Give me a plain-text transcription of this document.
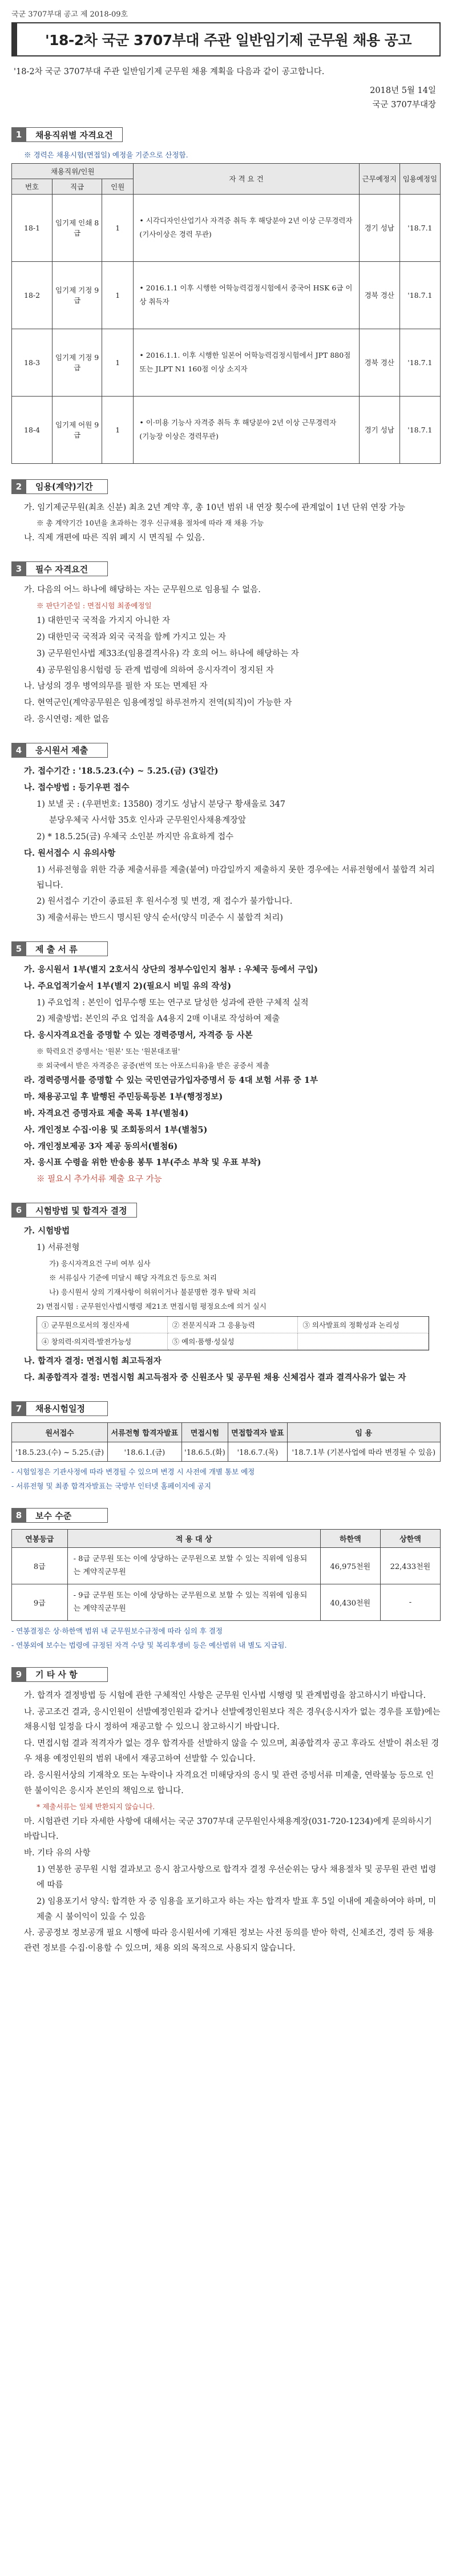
국군 3707부대 공고 제 2018-09호
'18-2차 국군 3707부대 주관 일반임기제 군무원 채용 공고
'18-2차 국군 3707부대 주관 일반임기제 군무원 채용 계획을 다음과 같이 공고합니다.
2018년 5월 14일
국군 3707부대장
1	채용직위별 자격요건
※ 경력은 채용시험(면접일) 예정을 기준으로 산정함.
채용직위/인원			자 격 요 건	근무예정지	임용예정일
번호	직급	인원			
18-1	임기제 인쇄 8급	1	• 시각디자인산업기사 자격증 취득 후 해당분야 2년 이상 근무경력자
(기사이상은 경력 무관)	경기 성남	'18.7.1
18-2	임기제 기정 9급	1	• 2016.1.1 이후 시행한 어학능력검정시험에서 중국어 HSK 6급 이상 취득자	경북 경산	'18.7.1
18-3	임기제 기정 9급	1	• 2016.1.1. 이후 시행한 일본어 어학능력검정시험에서 JPT 880점 또는 JLPT N1 160점 이상 소지자	경북 경산	'18.7.1
18-4	임기제 어원 9급	1	• 이·미용 기능사 자격증 취득 후 해당분야 2년 이상 근무경력자
(기능장 이상은 경력무관)	경기 성남	'18.7.1
2	임용(계약)기간
가. 임기제군무원(최초 신분) 최초 2년 계약 후, 총 10년 범위 내 연장 횟수에 관계없이 1년 단위 연장 가능
※ 총 계약기간 10년을 초과하는 경우 신규채용 절차에 따라 재 채용 가능
나. 직제 개편에 따른 직위 폐지 시 면직될 수 있음.
3	필수 자격요건
가. 다음의 어느 하나에 해당하는 자는 군무원으로 임용될 수 없음.
※ 판단기준일 : 면접시험 최종예정일
1) 대한민국 국적을 가지지 아니한 자
2) 대한민국 국적과 외국 국적을 함께 가지고 있는 자
3) 군무원인사법 제33조(임용결격사유) 각 호의 어느 하나에 해당하는 자
4) 공무원임용시험령 등 관계 법령에 의하여 응시자격이 정지된 자
나. 남성의 경우 병역의무를 필한 자 또는 면제된 자
다. 현역군인(계약공무원은 임용예정일 하루전까지 전역(퇴직)이 가능한 자
라. 응시연령: 제한 없음
4	응시원서 제출
가. 접수기간 : '18.5.23.(수) ~ 5.25.(금) (3일간)
나. 접수방법 : 등기우편 접수
1) 보낼 곳 : (우편번호: 13580) 경기도 성남시 분당구 황새울로 347
분당우체국 사서함 35호 인사과 군무원인사채용계장앞
2) * 18.5.25(금) 우체국 소인분 까지만 유효하게 접수
다. 원서접수 시 유의사항
1) 서류전형을 위한 각종 제출서류를 제출(붙여) 마감일까지 제출하지 못한 경우에는 서류전형에서 불합격 처리됩니다.
2) 원서접수 기간이 종료된 후 원서수정 및 변경, 재 접수가 불가합니다.
3) 제출서류는 반드시 명시된 양식 순서(양식 미준수 시 불합격 처리)
5	제 출 서 류
가. 응시원서 1부(별지 2호서식 상단의 정부수입인지 첨부 : 우체국 등에서 구입)
나. 주요업적기술서 1부(별지 2)(필요시 비밀 유의 작성)
1) 주요업적 : 본인이 업무수행 또는 연구로 달성한 성과에 관한 구체적 실적
2) 제출방법: 본인의 주요 업적을 A4용지 2매 이내로 작성하여 제출
다. 응시자격요건을 증명할 수 있는 경력증명서, 자격증 등 사본
※ 학력요건 증명서는 '원본' 또는 '원본대조필'
※ 외국에서 받은 자격증은 공증(번역 또는 아포스티유)을 받은 공증서 제출
라. 경력증명서를 증명할 수 있는 국민연금가입자증명서 등 4대 보험 서류 중 1부
마. 채용공고일 후 발행된 주민등록등본 1부(행정정보)
바. 자격요건 증명자료 제출 목록 1부(별첨4)
사. 개인정보 수집·이용 및 조회동의서 1부(별첨5)
아. 개인정보제공 3자 제공 동의서(별첨6)
자. 응시표 수령을 위한 반송용 봉투 1부(주소 부착 및 우표 부착)
※ 필요시 추가서류 제출 요구 가능
6	시험방법 및 합격자 결정
가. 시험방법
1) 서류전형
가) 응시자격요건 구비 여부 심사
※ 서류심사 기준에 미달시 해당 자격요건 등으로 처리
나) 응시원서 상의 기재사항이 허위이거나 불분명한 경우 탈락 처리
2) 면접시험 : 군무원인사법시행령 제21조 면접시험 평정요소에 의거 실시
① 군무원으로서의 정신자세	② 전문지식과 그 응용능력	③ 의사발표의 정확성과 논리성
④ 창의력·의지력·발전가능성	⑤ 예의·품행·성실성
나. 합격자 결정: 면접시험 최고득점자
다. 최종합격자 결정: 면접시험 최고득점자 중 신원조사 및 공무원 채용 신체검사 결과 결격사유가 없는 자
7	채용시험일정
원서접수	서류전형 합격자발표	면접시험	면접합격자 발표	임 용
'18.5.23.(수) ~ 5.25.(금)	'18.6.1.(금)	'18.6.5.(화)	'18.6.7.(목)	'18.7.1부 (기본사업에 따라 변경될 수 있음)
- 시험일정은 기관사정에 따라 변경될 수 있으며 변경 시 사전에 개별 통보 예정
- 서류전형 및 최종 합격자발표는 국방부 인터넷 홈페이지에 공지
8	보수 수준
연봉등급	적 용 대 상	하한액	상한액
8급	- 8급 군무원 또는 이에 상당하는 군무원으로 보할 수 있는 직위에 임용되는 계약직군무원	46,975천원	22,433천원
9급	- 9급 군무원 또는 이에 상당하는 군무원으로 보할 수 있는 직위에 임용되는 계약직군무원	40,430천원	-
- 연봉결정은 상·하한액 범위 내 군무원보수규정에 따라 심의 후 결정
- 연봉외에 보수는 법령에 규정된 자격 수당 및 복리후생비 등은 예산범위 내 별도 지급됨.
9	기 타 사 항
가. 합격자 결정방법 등 시험에 관한 구체적인 사항은 군무원 인사법 시행령 및 관계법령을 참고하시기 바랍니다.
나. 공고조건 결과, 응시인원이 선발예정인원과 같거나 선발예정인원보다 적은 경우(응시자가 없는 경우를 포함)에는 채용시험 일정을 다시 정하여 재공고할 수 있으니 참고하시기 바랍니다.
다. 면접시험 결과 적격자가 없는 경우 합격자를 선발하지 않을 수 있으며, 최종합격자 공고 후라도 선발이 취소된 경우 채용 예정인원의 범위 내에서 재공고하여 선발할 수 있습니다.
라. 응시원서상의 기재착오 또는 누락이나 자격요건 미해당자의 응시 및 관련 증빙서류 미제출, 연락불능 등으로 인한 불이익은 응시자 본인의 책임으로 합니다.
* 제출서류는 일체 반환되지 않습니다.
마. 시험관련 기타 자세한 사항에 대해서는 국군 3707부대 군무원인사채용계장(031-720-1234)에게 문의하시기 바랍니다.
바. 기타 유의 사항
1) 연봉한 공무원 시험 결과보고 응시 참고사항으로 합격자 결정 우선순위는 당사 채용절차 및 공무원 관련 법령에 따름
2) 임용포기서 양식: 합격한 자 중 임용을 포기하고자 하는 자는 합격자 발표 후 5일 이내에 제출하여야 하며, 미제출 시 불이익이 있을 수 있음
사. 공공정보 정보공개 필요 시행에 따라 응시원서에 기재된 정보는 사전 동의를 받아 학력, 신체조건, 경력 등 채용 관련 정보를 수집·이용할 수 있으며, 채용 외의 목적으로 사용되지 않습니다.
